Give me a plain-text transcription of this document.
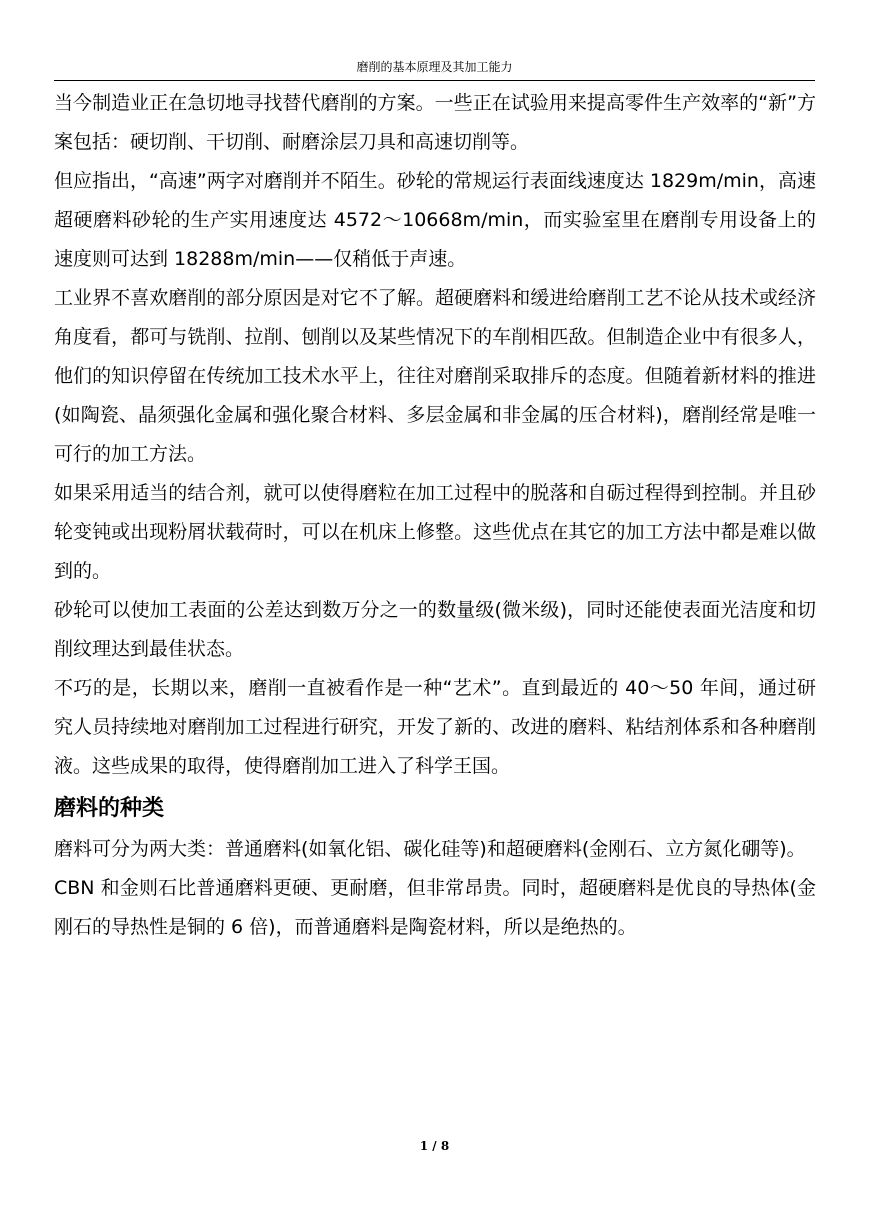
磨削的基本原理及其加工能力

当今制造业正在急切地寻找替代磨削的方案。一些正在试验用来提高零件生产效率的“新”方案包括：硬切削、干切削、耐磨涂层刀具和高速切削等。

但应指出，“高速”两字对磨削并不陌生。砂轮的常规运行表面线速度达 1829m/min，高速超硬磨料砂轮的生产实用速度达 4572～10668m/min，而实验室里在磨削专用设备上的速度则可达到 18288m/min——仅稍低于声速。

工业界不喜欢磨削的部分原因是对它不了解。超硬磨料和缓进给磨削工艺不论从技术或经济角度看，都可与铣削、拉削、刨削以及某些情况下的车削相匹敌。但制造企业中有很多人，他们的知识停留在传统加工技术水平上，往往对磨削采取排斥的态度。但随着新材料的推进(如陶瓷、晶须强化金属和强化聚合材料、多层金属和非金属的压合材料)，磨削经常是唯一可行的加工方法。

如果采用适当的结合剂，就可以使得磨粒在加工过程中的脱落和自砺过程得到控制。并且砂轮变钝或出现粉屑状载荷时，可以在机床上修整。这些优点在其它的加工方法中都是难以做到的。

砂轮可以使加工表面的公差达到数万分之一的数量级(微米级)，同时还能使表面光洁度和切削纹理达到最佳状态。

不巧的是，长期以来，磨削一直被看作是一种“艺术”。直到最近的 40～50 年间，通过研究人员持续地对磨削加工过程进行研究，开发了新的、改进的磨料、粘结剂体系和各种磨削液。这些成果的取得，使得磨削加工进入了科学王国。

磨料的种类

磨料可分为两大类：普通磨料(如氧化铝、碳化硅等)和超硬磨料(金刚石、立方氮化硼等)。

CBN 和金则石比普通磨料更硬、更耐磨，但非常昂贵。同时，超硬磨料是优良的导热体(金刚石的导热性是铜的 6 倍)，而普通磨料是陶瓷材料，所以是绝热的。

1 / 8
